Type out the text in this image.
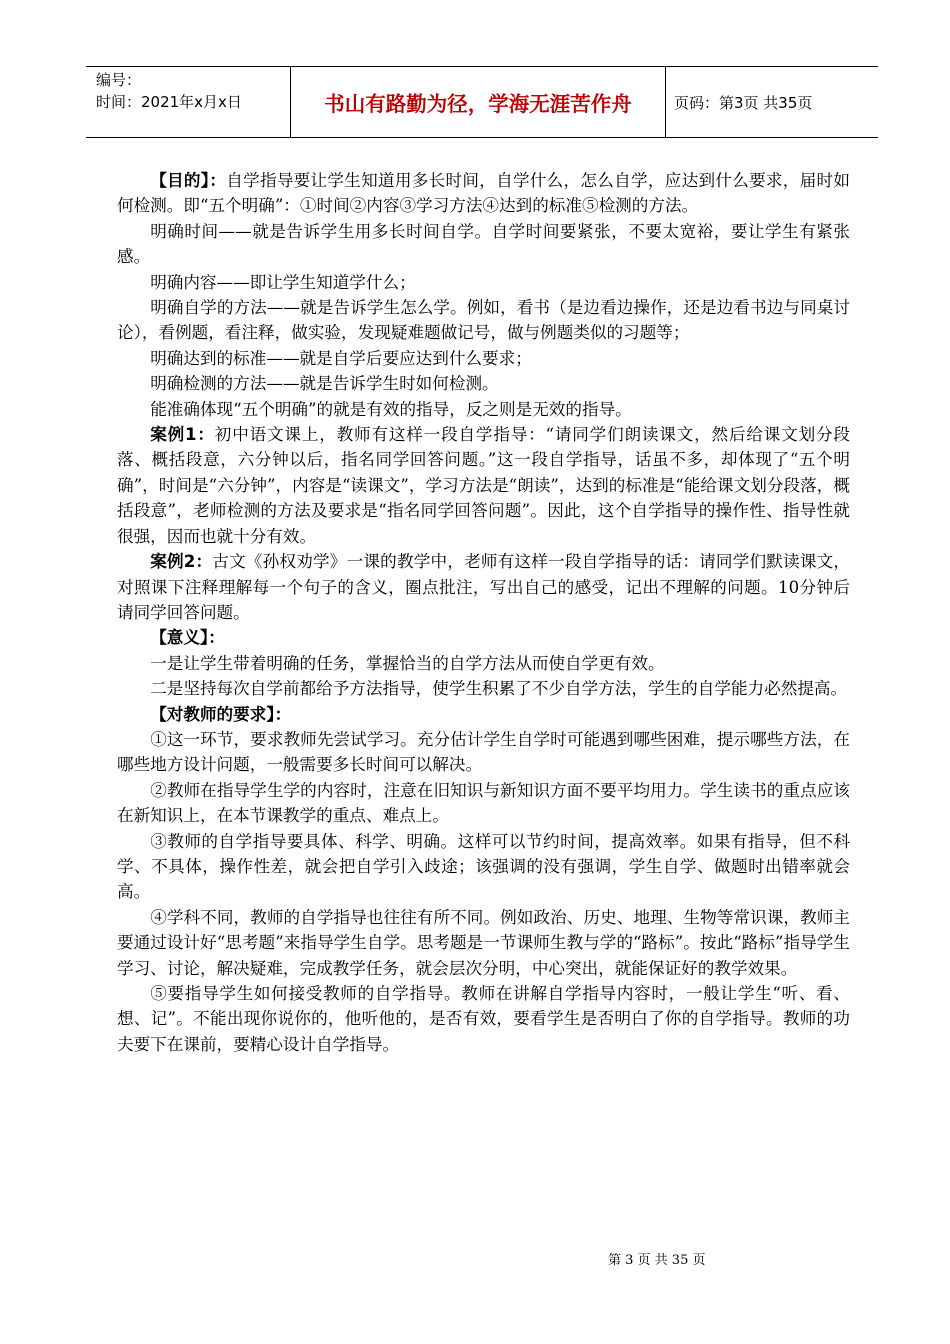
编号：
时间：2021年x月x日	书山有路勤为径，学海无涯苦作舟	页码：第3页 共35页

【目的】：自学指导要让学生知道用多长时间，自学什么，怎么自学，应达到什么要求，届时如何检测。即“五个明确”：①时间②内容③学习方法④达到的标准⑤检测的方法。

明确时间——就是告诉学生用多长时间自学。自学时间要紧张，不要太宽裕，要让学生有紧张感。

明确内容——即让学生知道学什么；

明确自学的方法——就是告诉学生怎么学。例如，看书（是边看边操作，还是边看书边与同桌讨论），看例题，看注释，做实验，发现疑难题做记号，做与例题类似的习题等；

明确达到的标准——就是自学后要应达到什么要求；

明确检测的方法——就是告诉学生时如何检测。

能准确体现“五个明确”的就是有效的指导，反之则是无效的指导。

案例1：初中语文课上，教师有这样一段自学指导：“请同学们朗读课文，然后给课文划分段落、概括段意，六分钟以后，指名同学回答问题。”这一段自学指导，话虽不多，却体现了“五个明确”，时间是“六分钟”，内容是“读课文”，学习方法是“朗读”，达到的标准是“能给课文划分段落，概括段意”，老师检测的方法及要求是“指名同学回答问题”。因此，这个自学指导的操作性、指导性就很强，因而也就十分有效。

案例2：古文《孙权劝学》一课的教学中，老师有这样一段自学指导的话：请同学们默读课文，对照课下注释理解每一个句子的含义，圈点批注，写出自己的感受，记出不理解的问题。10分钟后请同学回答问题。

【意义】：

一是让学生带着明确的任务，掌握恰当的自学方法从而使自学更有效。

二是坚持每次自学前都给予方法指导，使学生积累了不少自学方法，学生的自学能力必然提高。

【对教师的要求】：

①这一环节，要求教师先尝试学习。充分估计学生自学时可能遇到哪些困难，提示哪些方法，在哪些地方设计问题，一般需要多长时间可以解决。

②教师在指导学生学的内容时，注意在旧知识与新知识方面不要平均用力。学生读书的重点应该在新知识上，在本节课教学的重点、难点上。

③教师的自学指导要具体、科学、明确。这样可以节约时间，提高效率。如果有指导，但不科学、不具体，操作性差，就会把自学引入歧途；该强调的没有强调，学生自学、做题时出错率就会高。

④学科不同，教师的自学指导也往往有所不同。例如政治、历史、地理、生物等常识课，教师主要通过设计好“思考题”来指导学生自学。思考题是一节课师生教与学的“路标”。按此“路标”指导学生学习、讨论，解决疑难，完成教学任务，就会层次分明，中心突出，就能保证好的教学效果。

⑤要指导学生如何接受教师的自学指导。教师在讲解自学指导内容时，一般让学生“听、看、想、记”。不能出现你说你的，他听他的，是否有效，要看学生是否明白了你的自学指导。教师的功夫要下在课前，要精心设计自学指导。

第 3 页 共 35 页
